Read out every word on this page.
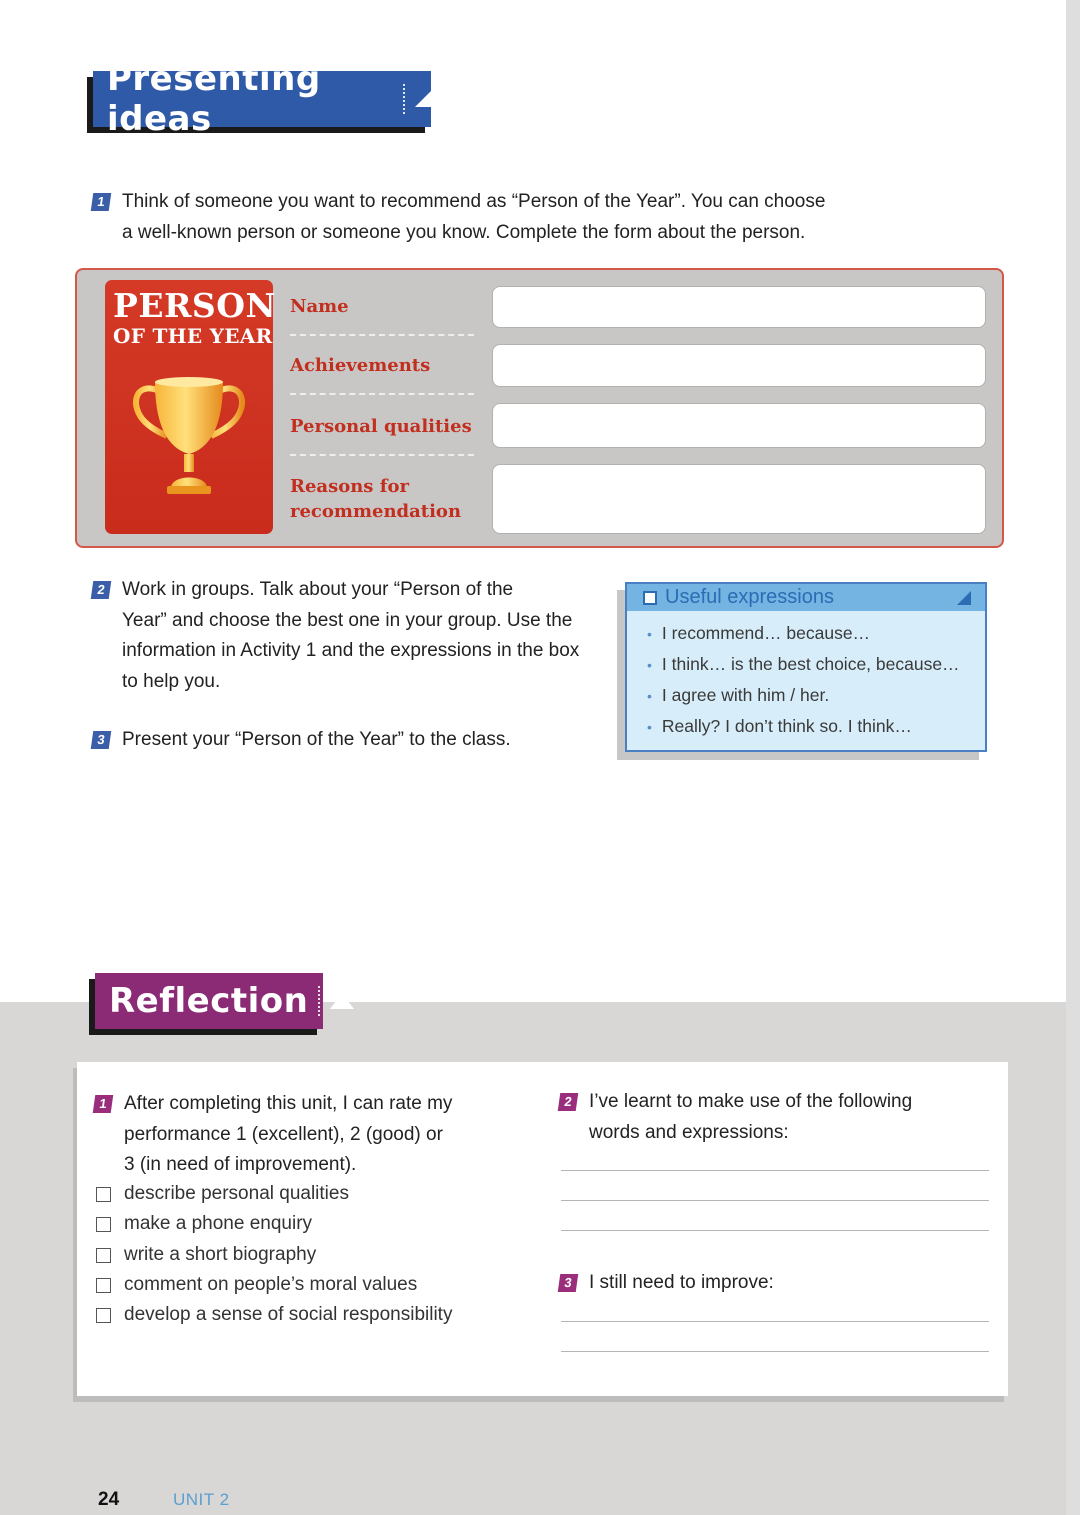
Presenting ideas
1 Think of someone you want to recommend as “Person of the Year”. You can choose
a well-known person or someone you know. Complete the form about the person.
PERSON
OF THE YEAR
Name
Achievements
Personal qualities
Reasons for
recommendation
2 Work in groups. Talk about your “Person of the
Year” and choose the best one in your group. Use the
information in Activity 1 and the expressions in the box
to help you.
3 Present your “Person of the Year” to the class.
Useful expressions
• I recommend… because…
• I think… is the best choice, because…
• I agree with him / her.
• Really? I don’t think so. I think…
Reflection
1 After completing this unit, I can rate my
performance 1 (excellent), 2 (good) or
3 (in need of improvement).
describe personal qualities
make a phone enquiry
write a short biography
comment on people’s moral values
develop a sense of social responsibility
2 I’ve learnt to make use of the following
words and expressions:
3 I still need to improve:
24	UNIT 2
